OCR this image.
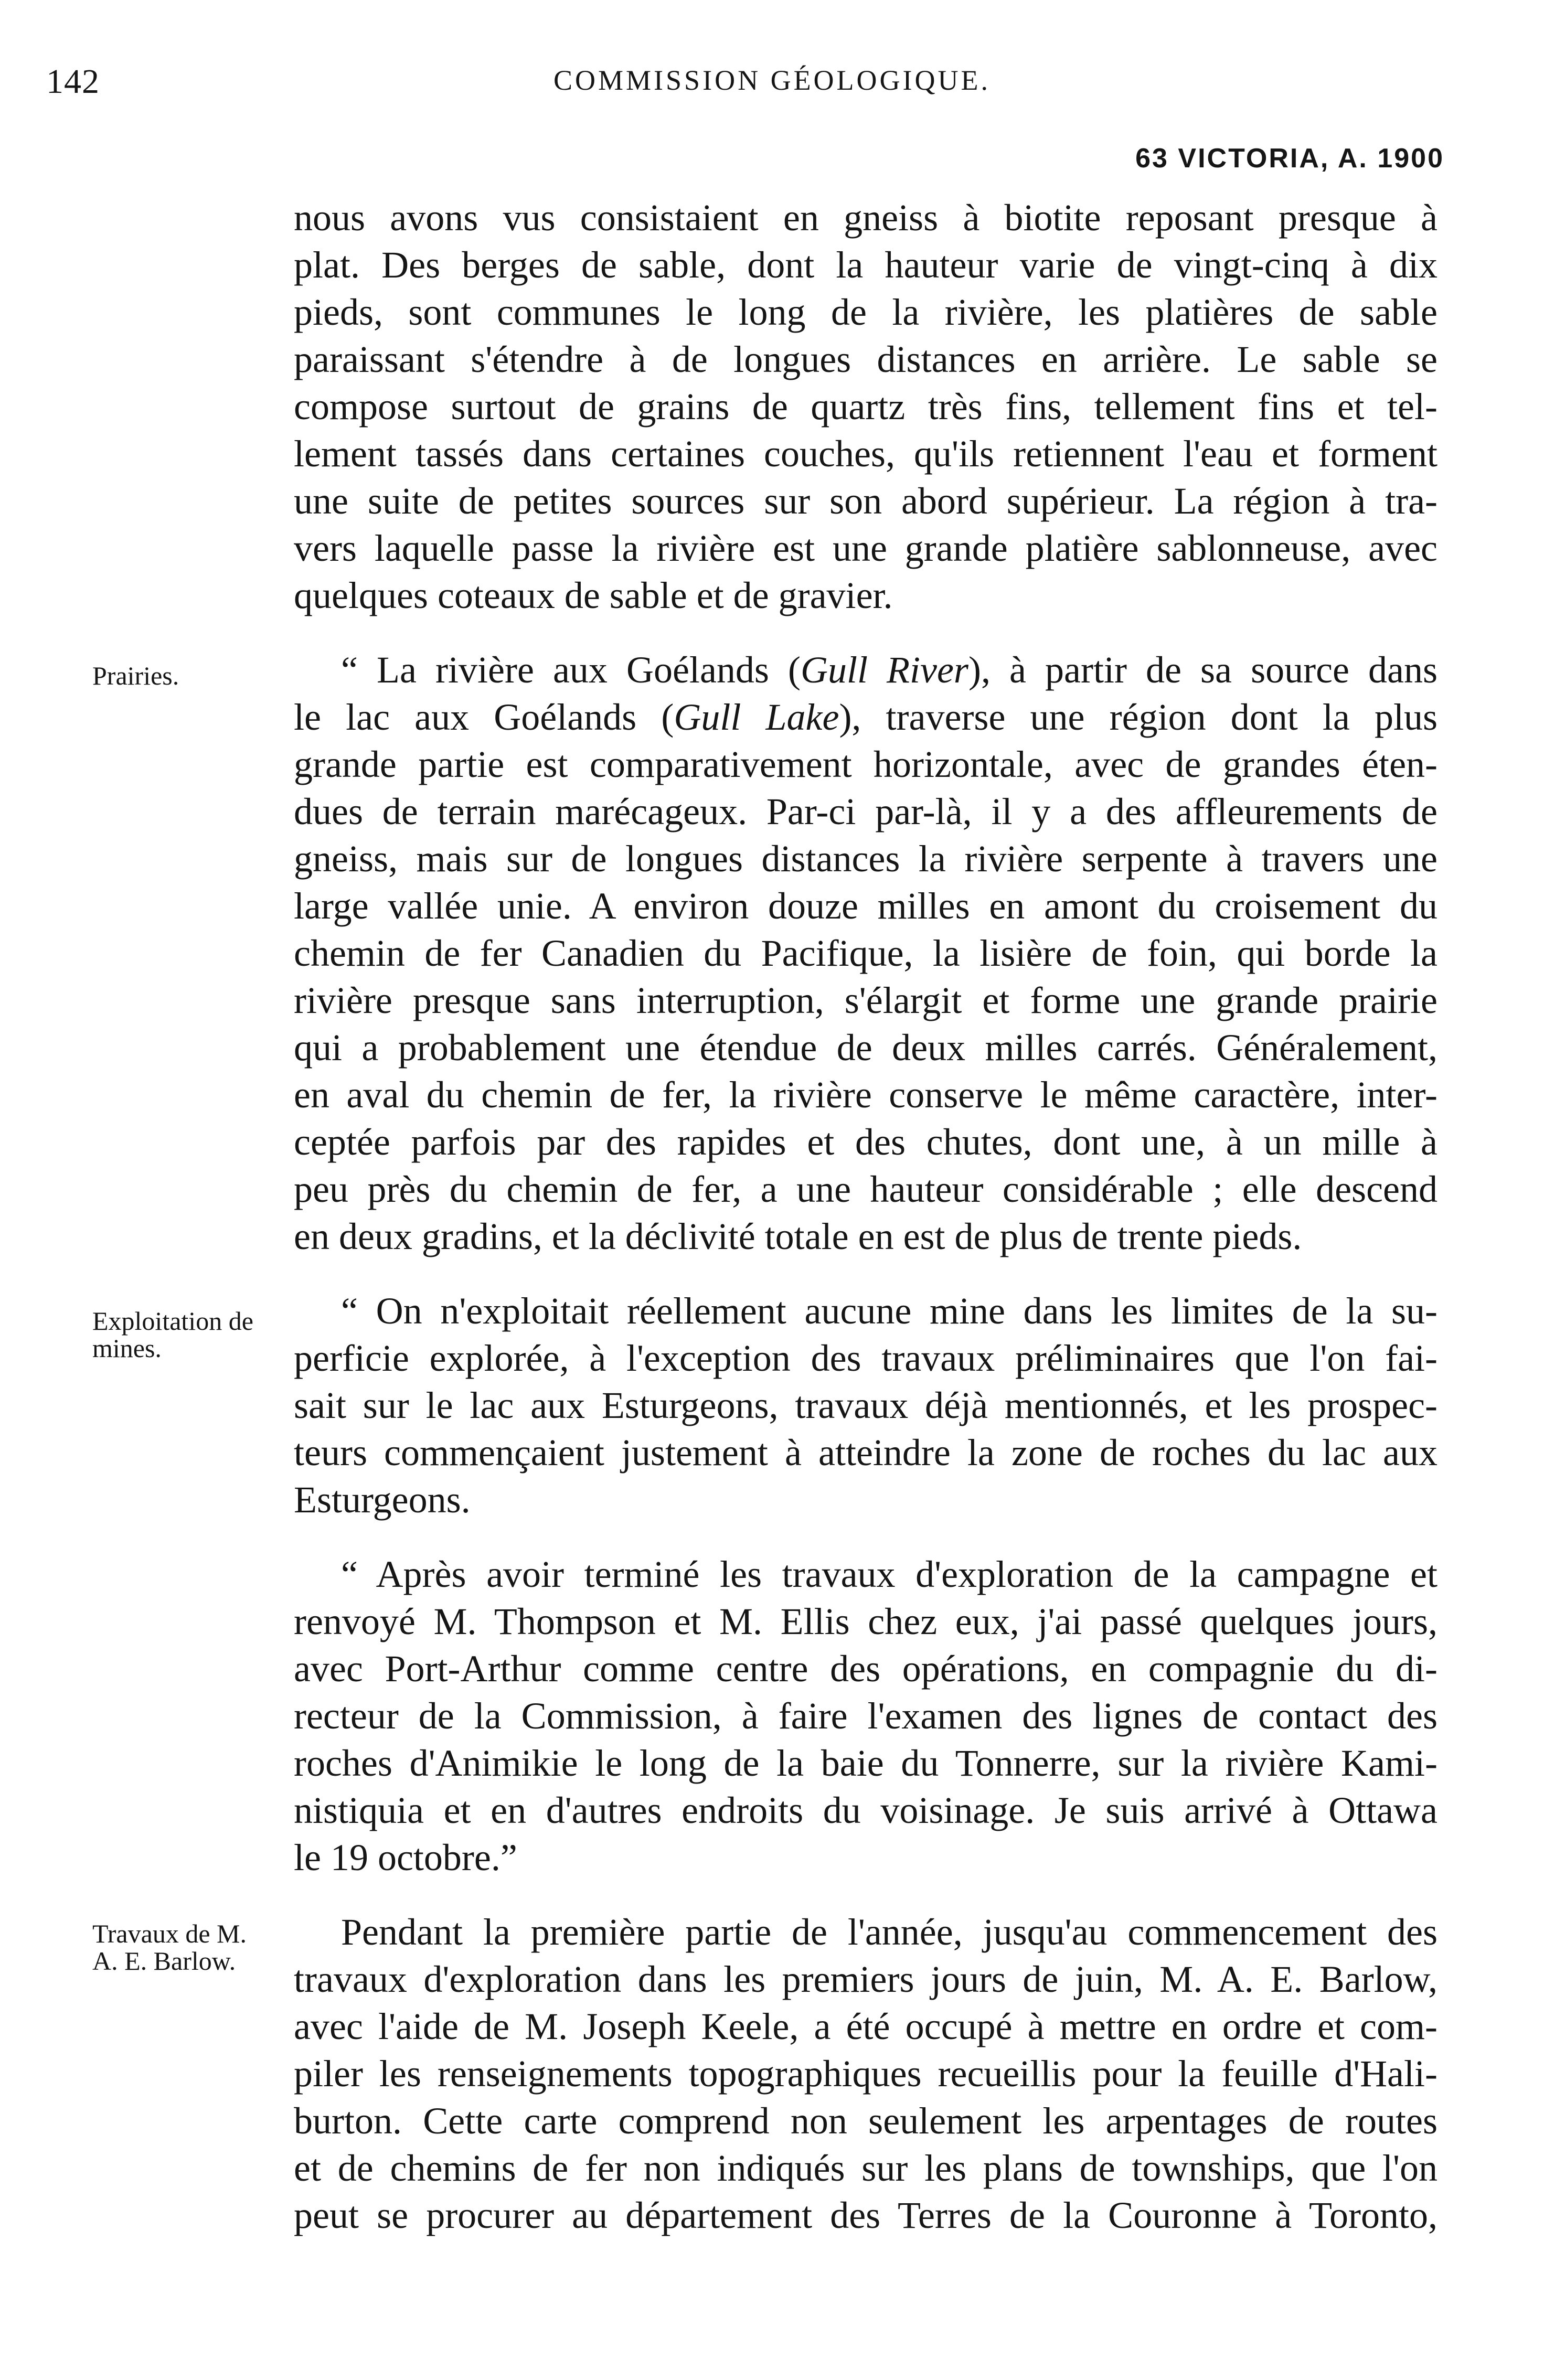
142	COMMISSION GÉOLOGIQUE.
63 VICTORIA, A. 1900
Prairies.
Exploitation de mines.
Travaux de M. A. E. Barlow.

nous avons vus consistaient en gneiss à biotite reposant presque à
plat. Des berges de sable, dont la hauteur varie de vingt-cinq à dix
pieds, sont communes le long de la rivière, les platières de sable
paraissant s'étendre à de longues distances en arrière. Le sable se
compose surtout de grains de quartz très fins, tellement fins et tel-
lement tassés dans certaines couches, qu'ils retiennent l'eau et forment
une suite de petites sources sur son abord supérieur. La région à tra-
vers laquelle passe la rivière est une grande platière sablonneuse, avec
quelques coteaux de sable et de gravier.

“ La rivière aux Goélands (Gull River), à partir de sa source dans
le lac aux Goélands (Gull Lake), traverse une région dont la plus
grande partie est comparativement horizontale, avec de grandes éten-
dues de terrain marécageux. Par-ci par-là, il y a des affleurements de
gneiss, mais sur de longues distances la rivière serpente à travers une
large vallée unie. A environ douze milles en amont du croisement du
chemin de fer Canadien du Pacifique, la lisière de foin, qui borde la
rivière presque sans interruption, s'élargit et forme une grande prairie
qui a probablement une étendue de deux milles carrés. Généralement,
en aval du chemin de fer, la rivière conserve le même caractère, inter-
ceptée parfois par des rapides et des chutes, dont une, à un mille à
peu près du chemin de fer, a une hauteur considérable ; elle descend
en deux gradins, et la déclivité totale en est de plus de trente pieds.

“ On n'exploitait réellement aucune mine dans les limites de la su-
perficie explorée, à l'exception des travaux préliminaires que l'on fai-
sait sur le lac aux Esturgeons, travaux déjà mentionnés, et les prospec-
teurs commençaient justement à atteindre la zone de roches du lac aux
Esturgeons.

“ Après avoir terminé les travaux d'exploration de la campagne et
renvoyé M. Thompson et M. Ellis chez eux, j'ai passé quelques jours,
avec Port-Arthur comme centre des opérations, en compagnie du di-
recteur de la Commission, à faire l'examen des lignes de contact des
roches d'Animikie le long de la baie du Tonnerre, sur la rivière Kami-
nistiquia et en d'autres endroits du voisinage. Je suis arrivé à Ottawa
le 19 octobre.”

Pendant la première partie de l'année, jusqu'au commencement des
travaux d'exploration dans les premiers jours de juin, M. A. E. Barlow,
avec l'aide de M. Joseph Keele, a été occupé à mettre en ordre et com-
piler les renseignements topographiques recueillis pour la feuille d'Hali-
burton. Cette carte comprend non seulement les arpentages de routes
et de chemins de fer non indiqués sur les plans de townships, que l'on
peut se procurer au département des Terres de la Couronne à Toronto,
